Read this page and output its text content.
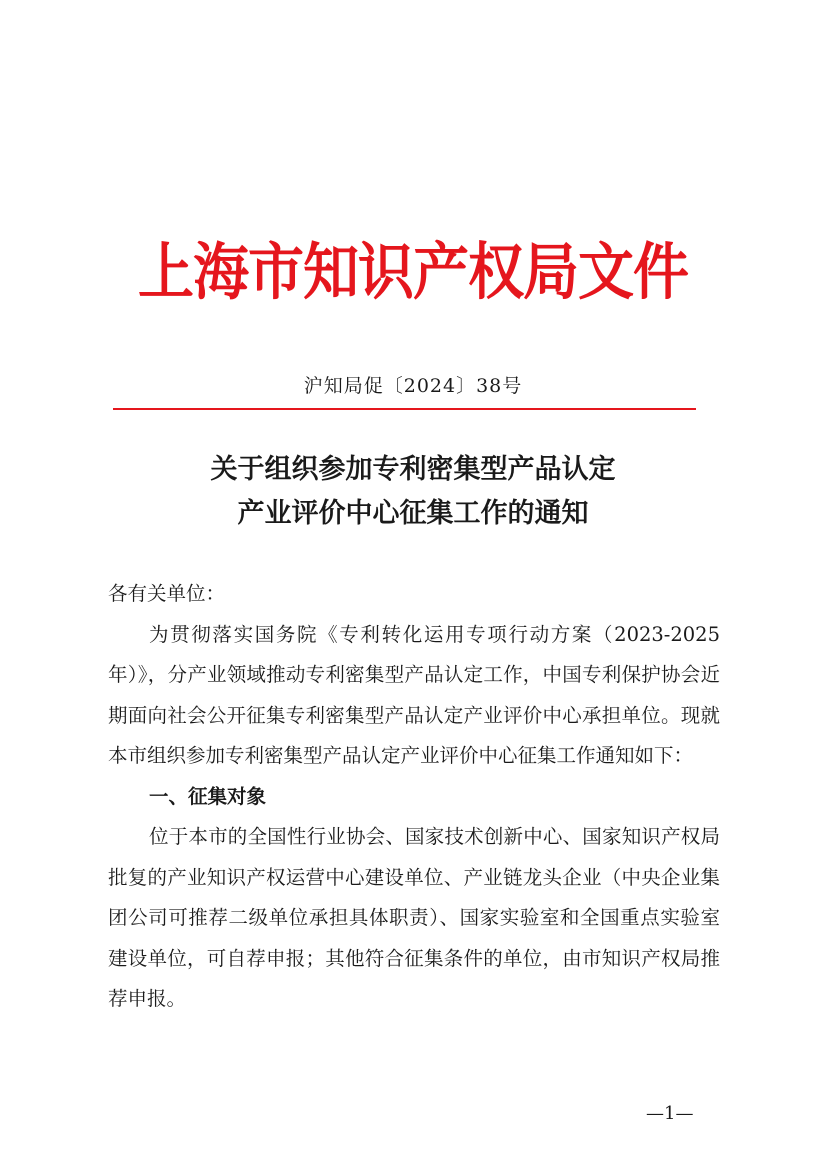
上海市知识产权局文件
沪知局促〔2024〕38号
关于组织参加专利密集型产品认定
产业评价中心征集工作的通知

各有关单位：

为贯彻落实国务院《专利转化运用专项行动方案（2023-2025年）》，分产业领域推动专利密集型产品认定工作，中国专利保护协会近期面向社会公开征集专利密集型产品认定产业评价中心承担单位。现就本市组织参加专利密集型产品认定产业评价中心征集工作通知如下：

一、征集对象

位于本市的全国性行业协会、国家技术创新中心、国家知识产权局批复的产业知识产权运营中心建设单位、产业链龙头企业（中央企业集团公司可推荐二级单位承担具体职责）、国家实验室和全国重点实验室建设单位，可自荐申报；其他符合征集条件的单位，由市知识产权局推荐申报。

—1—
